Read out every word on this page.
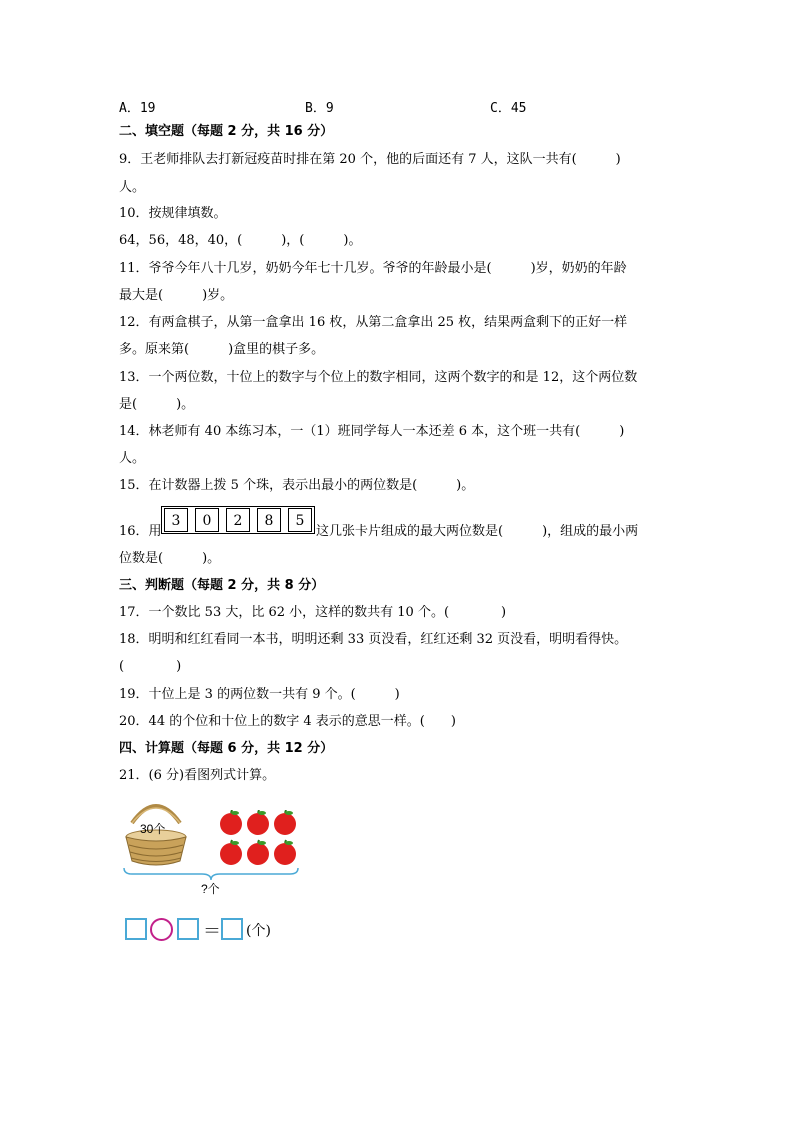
A．19	B．9	C．45
二、填空题（每题 2 分，共 16 分）
9．王老师排队去打新冠疫苗时排在第 20 个，他的后面还有 7 人，这队一共有(　　　)
人。
10．按规律填数。
64，56，48，40，(　　　)，(　　　)。
11．爷爷今年八十几岁，奶奶今年七十几岁。爷爷的年龄最小是(　　　)岁，奶奶的年龄
最大是(　　　)岁。
12．有两盒棋子，从第一盒拿出 16 枚，从第二盒拿出 25 枚，结果两盒剩下的正好一样
多。原来第(　　　)盒里的棋子多。
13．一个两位数，十位上的数字与个位上的数字相同，这两个数字的和是 12，这个两位数
是(　　　)。
14．林老师有 40 本练习本，一（1）班同学每人一本还差 6 本，这个班一共有(　　　)
人。
15．在计数器上拨 5 个珠，表示出最小的两位数是(　　　)。
16．用
3	0	2	8	5
这几张卡片组成的最大两位数是(　　　)，组成的最小两
位数是(　　　)。
三、判断题（每题 2 分，共 8 分）
17．一个数比 53 大，比 62 小，这样的数共有 10 个。(　　　　)
18．明明和红红看同一本书，明明还剩 33 页没看，红红还剩 32 页没看，明明看得快。
(　　　　)
19．十位上是 3 的两位数一共有 9 个。(　　　)
20．44 的个位和十位上的数字 4 表示的意思一样。(　　)
四、计算题（每题 6 分，共 12 分）
21．(6 分)看图列式计算。
30个
?个
＝ (个)
